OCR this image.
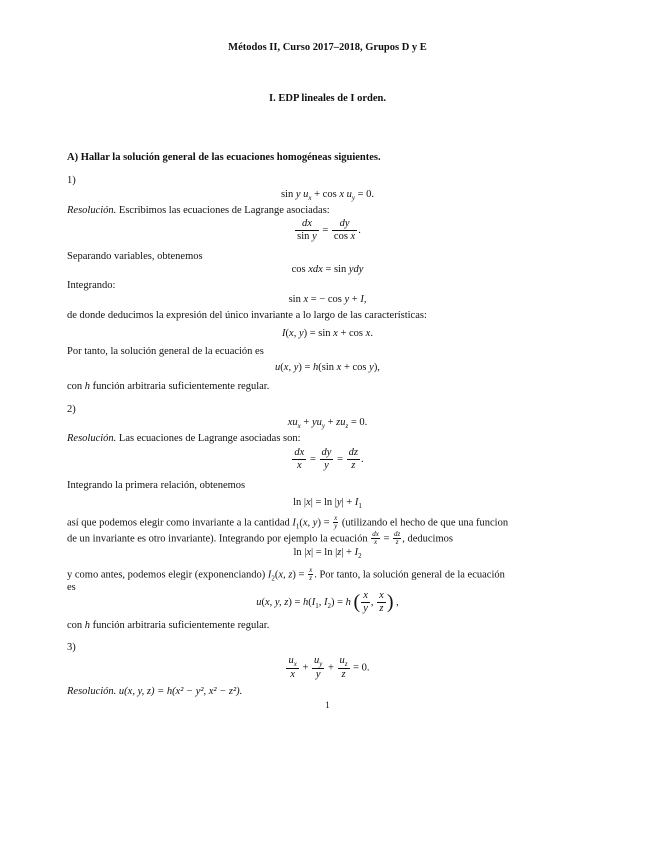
Métodos II, Curso 2017–2018, Grupos D y E
I. EDP lineales de I orden.
A) Hallar la solución general de las ecuaciones homogéneas siguientes.
1)
sin y $u_x + \cos x$ $u_y = 0$.
Resolución. Escribimos las ecuaciones de Lagrange asociadas:
$\frac{dx}{\text{sin y}} = \frac{dy}{\text{cos x}}$ .
Separando variables, obtenemos
cos xdx = sin ydy
Integrando:
sin x = − cos y + I,
de donde deducimos la expresión del único invariante a lo largo de las características:
I(x, y) = sin x + cos x.
Por tanto, la solución general de la ecuación es
u(x, y) = h(sin x + cos y),
con h función arbitraria suficientemente regular.
2)
$xu_x + yu_y + zu_z = 0$.
Resolución. Las ecuaciones de Lagrange asociadas son:
$\frac{dx}{x} = \frac{dy}{y} = \frac{dz}{z}$ .
Integrando la primera relación, obtenemos
$\ln |x| = \ln |y| + I_1$
así que podemos elegir como invariante a la cantidad $I_1(x$, $y) = \frac{x}{y}$ (utilizando el hecho de que una funcion
de un invariante es otro invariante). Integrando por ejemplo la ecuación $\frac{dx}{x} = \frac{dz}{z}$ , deducimos
$\ln |x| = \ln |z| + I_2$
y como antes, podemos elegir (exponenciando) $I_2(x$, $z) = \frac{x}{z}$ . Por tanto, la solución general de la ecuación
es
u(x, y, $z) = h(I_1$, $I_2) = h$ ( $\frac{x}{y}$ , $\frac{x}{z}$ ) ,
con h función arbitraria suficientemente regular.
3)
$\frac{u_x}{x} + \frac{u_y}{y} + \frac{u_z}{z} = 0$.
Resolución. u(x, y, z) = h(x² − y², x² − z²).
1
